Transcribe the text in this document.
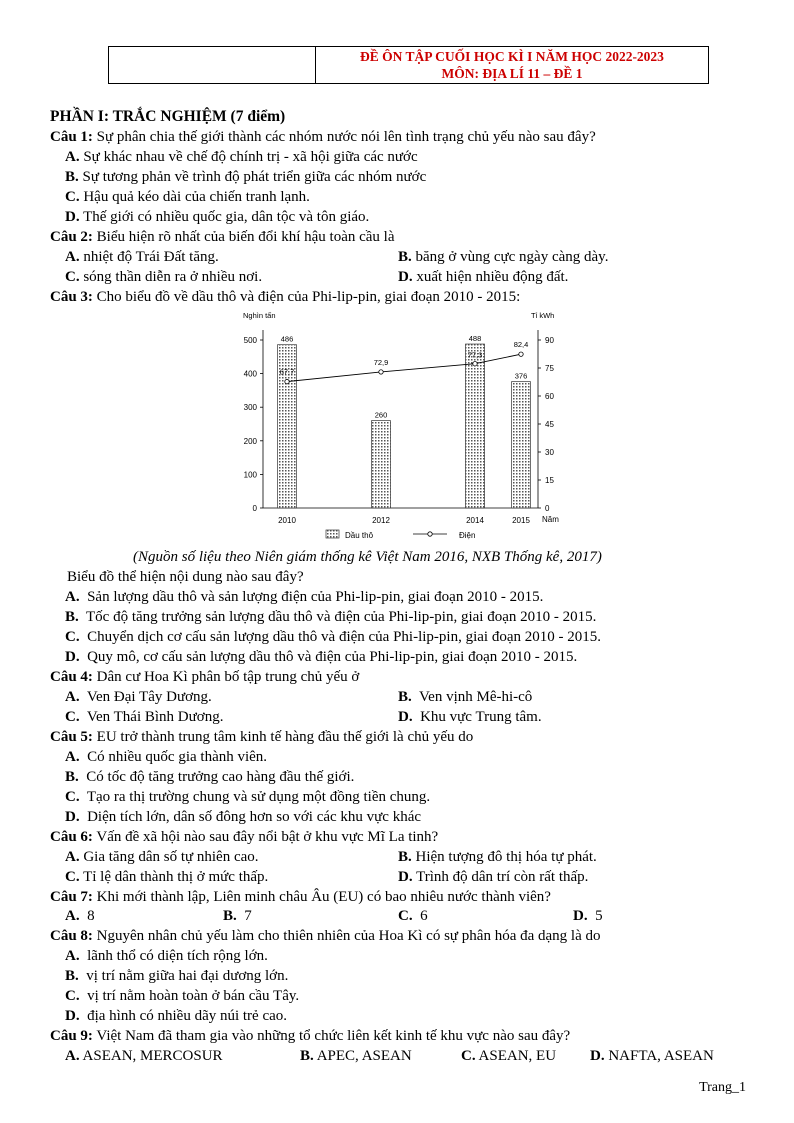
ĐỀ ÔN TẬP CUỐI HỌC KÌ I NĂM HỌC 2022-2023
MÔN: ĐỊA LÍ 11 – ĐỀ 1
PHẦN I: TRẮC NGHIỆM (7 điểm)
Câu 1: Sự phân chia thế giới thành các nhóm nước nói lên tình trạng chủ yếu nào sau đây?
A. Sự khác nhau về chế độ chính trị - xã hội giữa các nước
B. Sự tương phản về trình độ phát triển giữa các nhóm nước
C. Hậu quả kéo dài của chiến tranh lạnh.
D. Thế giới có nhiều quốc gia, dân tộc và tôn giáo.
Câu 2: Biểu hiện rõ nhất của biến đổi khí hậu toàn cầu là
A. nhiệt độ Trái Đất tăng.	B. băng ở vùng cực ngày càng dày.
C. sóng thần diễn ra ở nhiều nơi.	D. xuất hiện nhiều động đất.
Câu 3: Cho biểu đồ về dầu thô và điện của Phi-lip-pin, giai đoạn 2010 - 2015:
0
100
200
300
400
500
0
15
30
45
60
75
90
Nghìn tấn	Tỉ kWh
Năm
486
2010
260
2012
488
2014
376
2015
67,7
72,9
77,3
82,4
Dầu thô	Điện
(Nguồn số liệu theo Niên giám thống kê Việt Nam 2016, NXB Thống kê, 2017)
Biểu đồ thể hiện nội dung nào sau đây?
A. Sản lượng dầu thô và sản lượng điện của Phi-lip-pin, giai đoạn 2010 - 2015.
B. Tốc độ tăng trưởng sản lượng dầu thô và điện của Phi-lip-pin, giai đoạn 2010 - 2015.
C. Chuyển dịch cơ cấu sản lượng dầu thô và điện của Phi-lip-pin, giai đoạn 2010 - 2015.
D. Quy mô, cơ cấu sản lượng dầu thô và điện của Phi-lip-pin, giai đoạn 2010 - 2015.
Câu 4: Dân cư Hoa Kì phân bố tập trung chủ yếu ở
A. Ven Đại Tây Dương.	B. Ven vịnh Mê-hi-cô
C. Ven Thái Bình Dương.	D. Khu vực Trung tâm.
Câu 5: EU trở thành trung tâm kinh tế hàng đầu thế giới là chủ yếu do
A. Có nhiều quốc gia thành viên.
B. Có tốc độ tăng trưởng cao hàng đầu thế giới.
C. Tạo ra thị trường chung và sử dụng một đồng tiền chung.
D. Diện tích lớn, dân số đông hơn so với các khu vực khác
Câu 6: Vấn đề xã hội nào sau đây nổi bật ở khu vực Mĩ La tinh?
A. Gia tăng dân số tự nhiên cao.	B. Hiện tượng đô thị hóa tự phát.
C. Tỉ lệ dân thành thị ở mức thấp.	D. Trình độ dân trí còn rất thấp.
Câu 7: Khi mới thành lập, Liên minh châu Âu (EU) có bao nhiêu nước thành viên?
A. 8	B. 7	C. 6	D. 5
Câu 8: Nguyên nhân chủ yếu làm cho thiên nhiên của Hoa Kì có sự phân hóa đa dạng là do
A. lãnh thổ có diện tích rộng lớn.
B. vị trí nằm giữa hai đại dương lớn.
C. vị trí nằm hoàn toàn ở bán cầu Tây.
D. địa hình có nhiều dãy núi trẻ cao.
Câu 9: Việt Nam đã tham gia vào những tổ chức liên kết kinh tế khu vực nào sau đây?
A. ASEAN, MERCOSUR	B. APEC, ASEAN	C. ASEAN, EU D. NAFTA, ASEAN
Trang_1
